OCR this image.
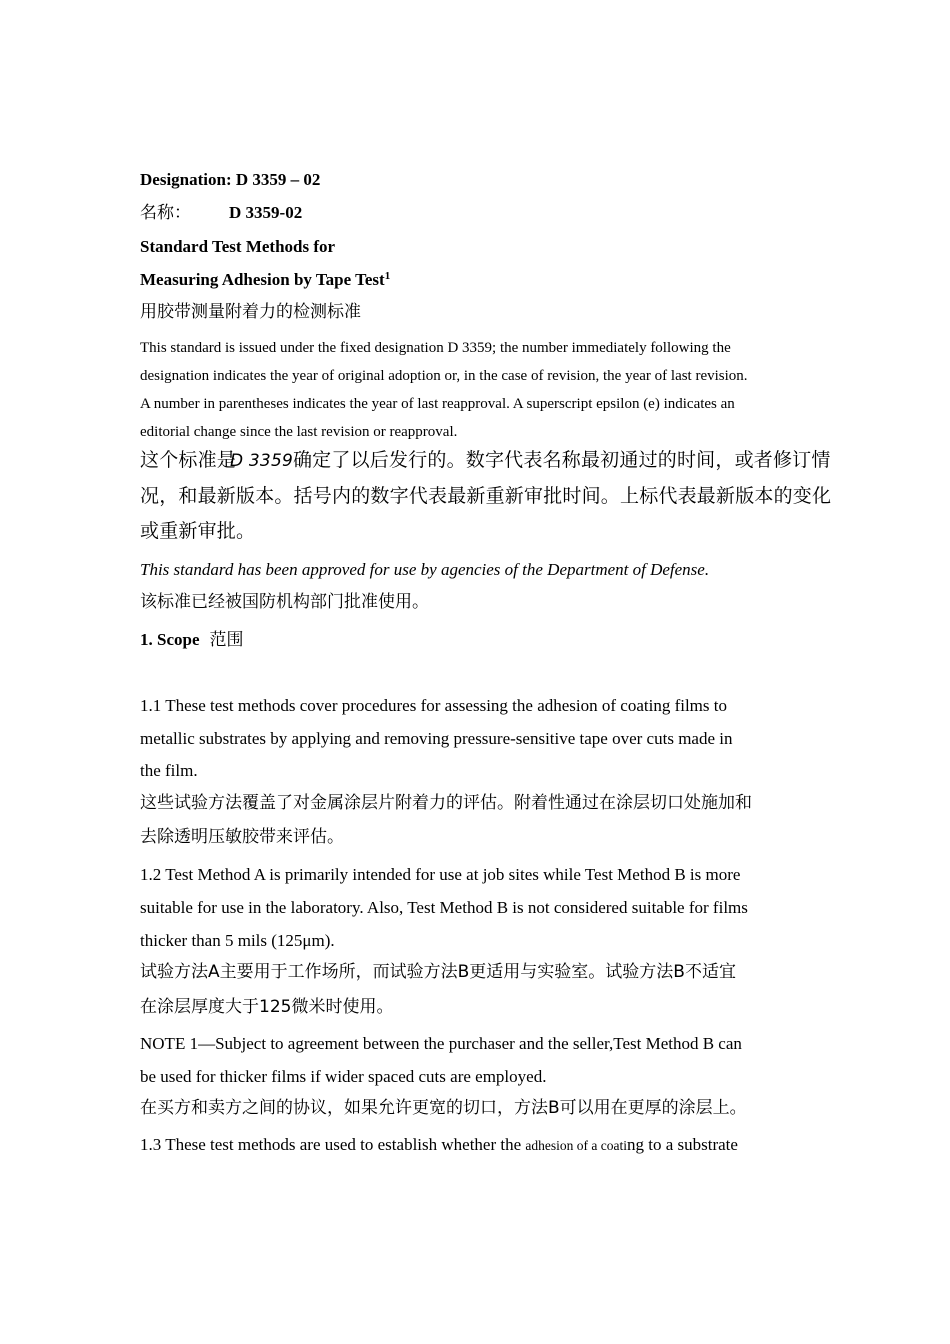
Designation: D 3359 – 02
名称： D 3359-02
Standard Test Methods for
Measuring Adhesion by Tape Test$^1$
用胶带测量附着力的检测标准
This standard is issued under the fixed designation D 3359; the number immediately following the
designation indicates the year of original adoption or, in the case of revision, the year of last revision.
A number in parentheses indicates the year of last reapproval. A superscript epsilon (e) indicates an
editorial change since the last revision or reapproval.
这个标准是D 3359确定了以后发行的。数字代表名称最初通过的时间，或者修订情
况，和最新版本。括号内的数字代表最新重新审批时间。上标代表最新版本的变化
或重新审批。
This standard has been approved for use by agencies of the Department of Defense.
该标准已经被国防机构部门批准使用。
1. Scope 范围
1.1 These test methods cover procedures for assessing the adhesion of coating films to
metallic substrates by applying and removing pressure-sensitive tape over cuts made in
the film.
这些试验方法覆盖了对金属涂层片附着力的评估。附着性通过在涂层切口处施加和
去除透明压敏胶带来评估。
1.2 Test Method A is primarily intended for use at job sites while Test Method B is more
suitable for use in the laboratory. Also, Test Method B is not considered suitable for films
thicker than 5 mils (125μm).
试验方法A主要用于工作场所，而试验方法B更适用与实验室。试验方法B不适宜
在涂层厚度大于125微米时使用。
NOTE 1—Subject to agreement between the purchaser and the seller,Test Method B can
be used for thicker films if wider spaced cuts are employed.
在买方和卖方之间的协议，如果允许更宽的切口，方法B可以用在更厚的涂层上。
1.3 These test methods are used to establish whether the adhesion of a coating to a substrate
